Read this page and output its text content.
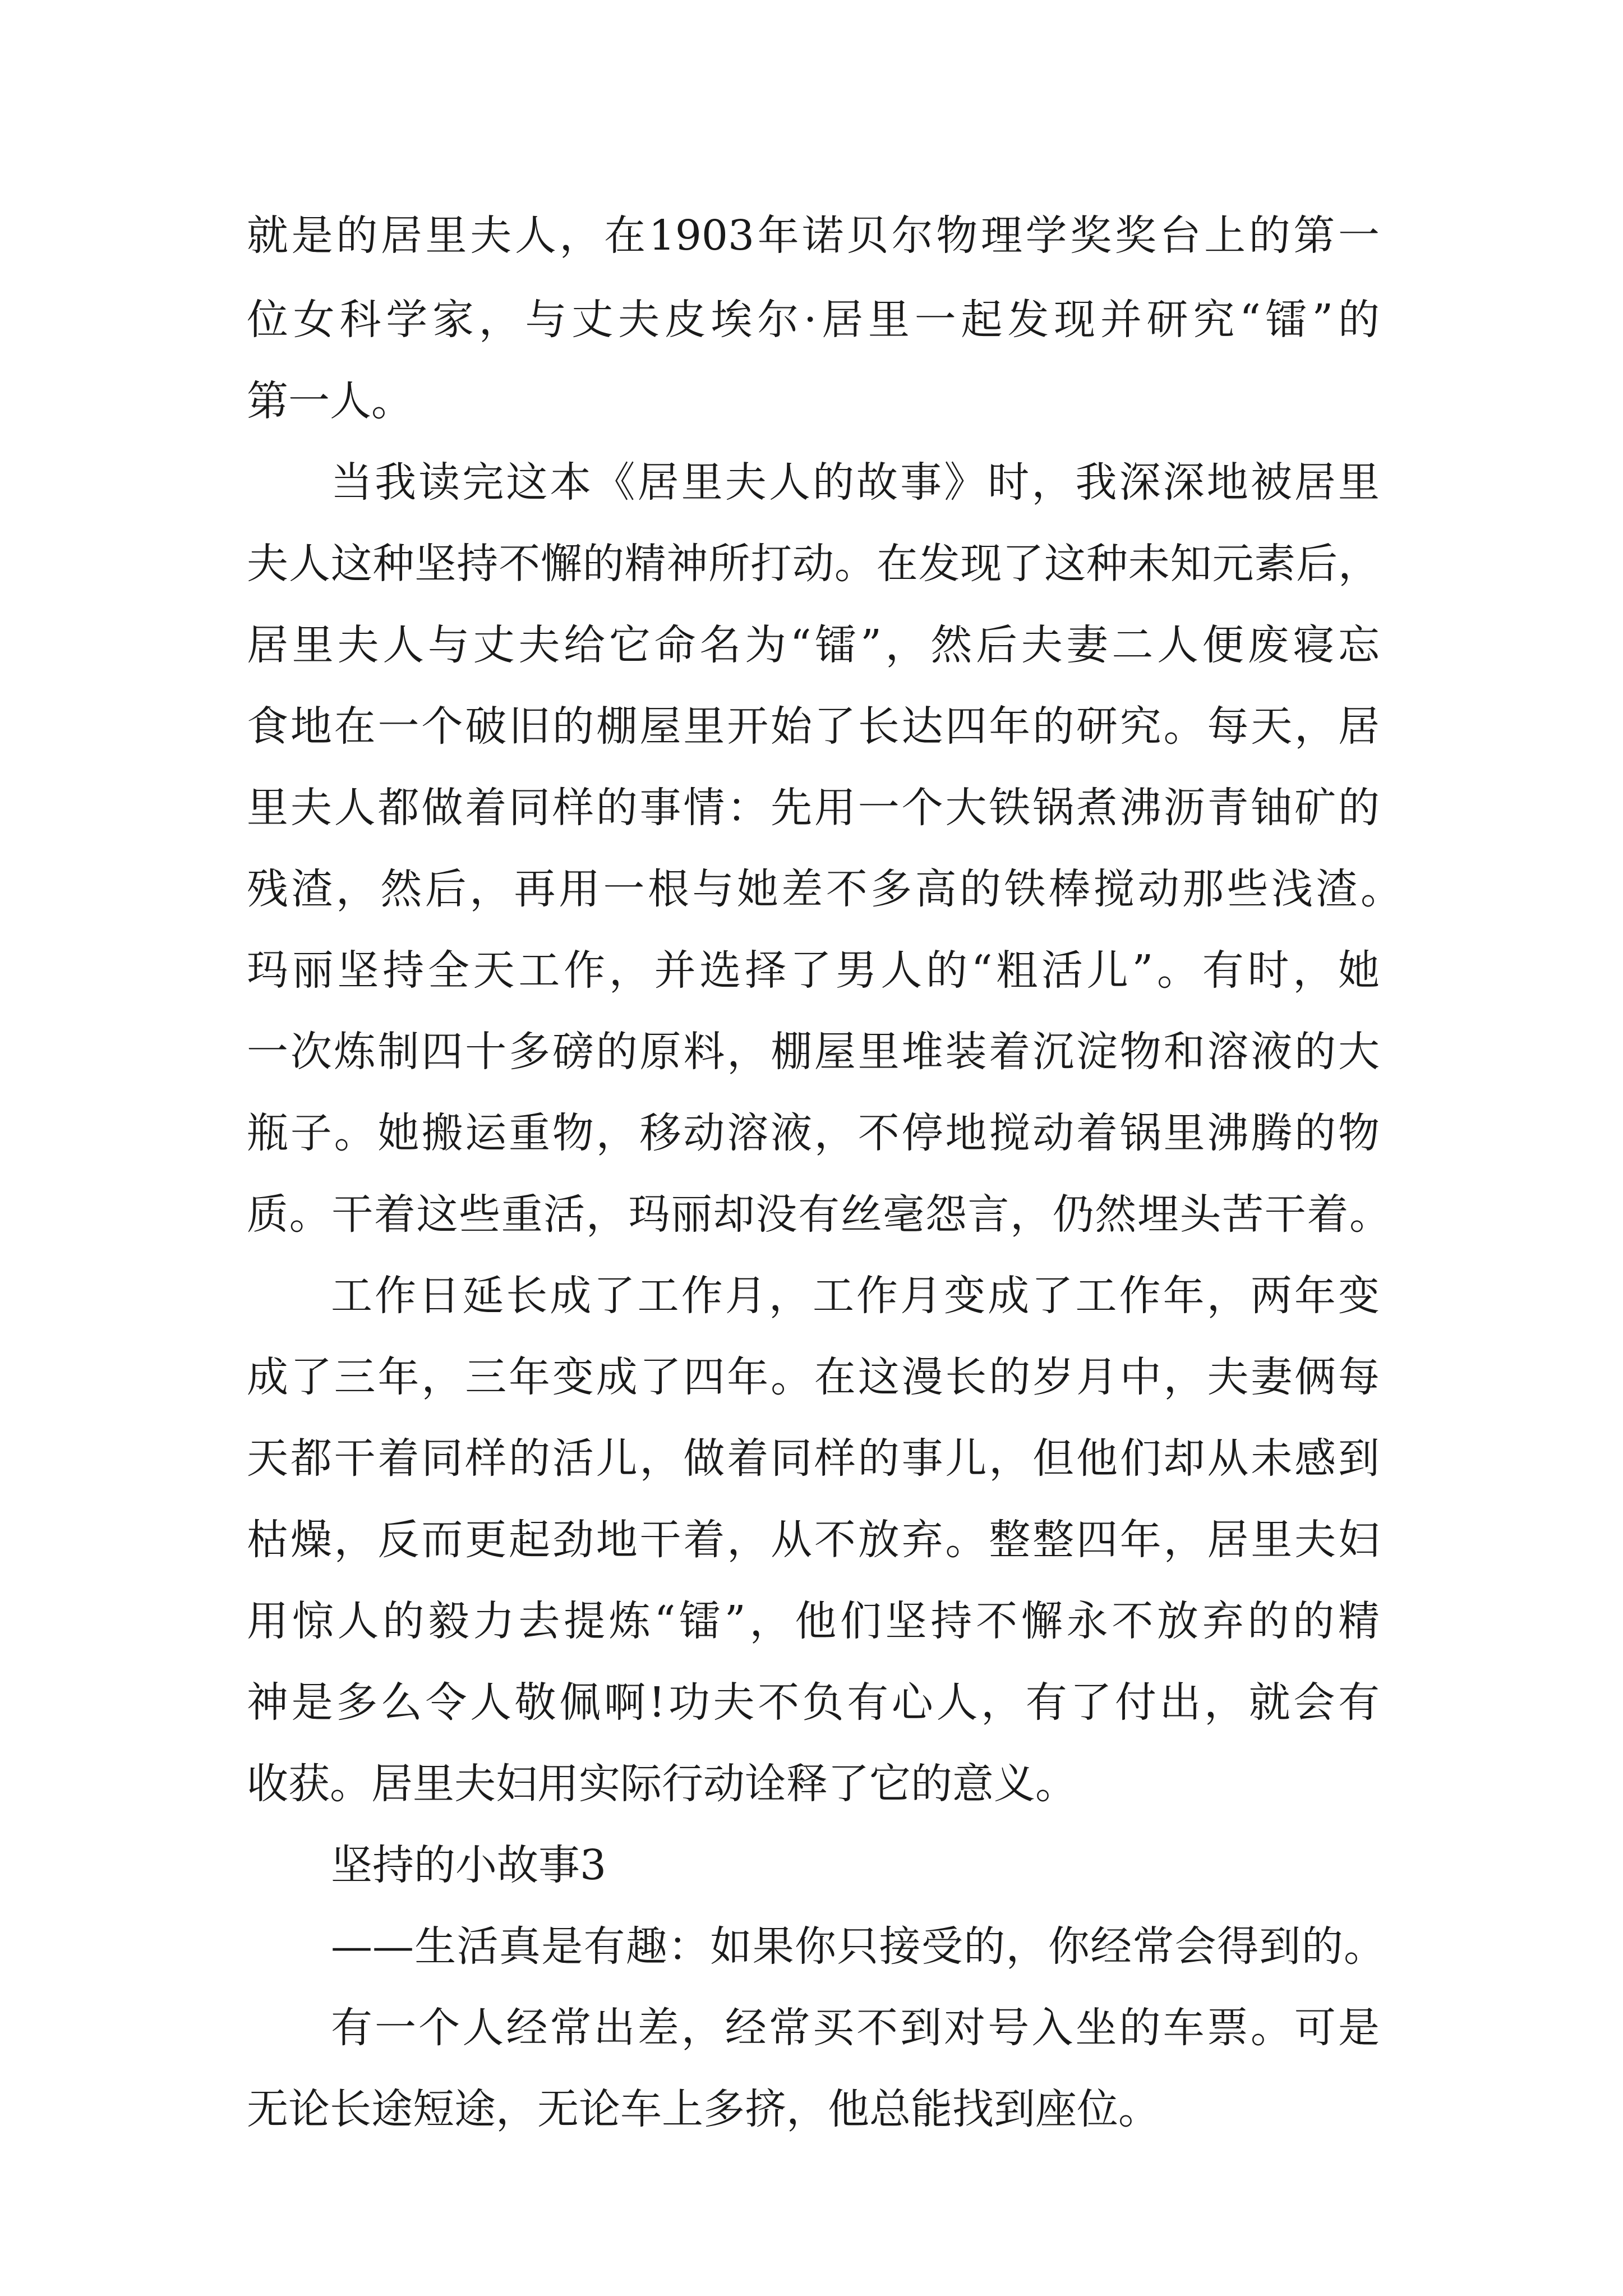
就是的居里夫人，在1903年诺贝尔物理学奖奖台上的第一
位女科学家，与丈夫皮埃尔·居里一起发现并研究“镭”的
第一人。
当我读完这本《居里夫人的故事》时，我深深地被居里
夫人这种坚持不懈的精神所打动。在发现了这种未知元素后，
居里夫人与丈夫给它命名为“镭”，然后夫妻二人便废寝忘
食地在一个破旧的棚屋里开始了长达四年的研究。每天，居
里夫人都做着同样的事情：先用一个大铁锅煮沸沥青铀矿的
残渣，然后，再用一根与她差不多高的铁棒搅动那些浅渣。
玛丽坚持全天工作，并选择了男人的“粗活儿”。有时，她
一次炼制四十多磅的原料，棚屋里堆装着沉淀物和溶液的大
瓶子。她搬运重物，移动溶液，不停地搅动着锅里沸腾的物
质。干着这些重活，玛丽却没有丝毫怨言，仍然埋头苦干着。
工作日延长成了工作月，工作月变成了工作年，两年变
成了三年，三年变成了四年。在这漫长的岁月中，夫妻俩每
天都干着同样的活儿，做着同样的事儿，但他们却从未感到
枯燥，反而更起劲地干着，从不放弃。整整四年，居里夫妇
用惊人的毅力去提炼“镭”，他们坚持不懈永不放弃的的精
神是多么令人敬佩啊!功夫不负有心人，有了付出，就会有
收获。居里夫妇用实际行动诠释了它的意义。
坚持的小故事3
——生活真是有趣：如果你只接受的，你经常会得到的。
有一个人经常出差，经常买不到对号入坐的车票。可是
无论长途短途，无论车上多挤，他总能找到座位。
